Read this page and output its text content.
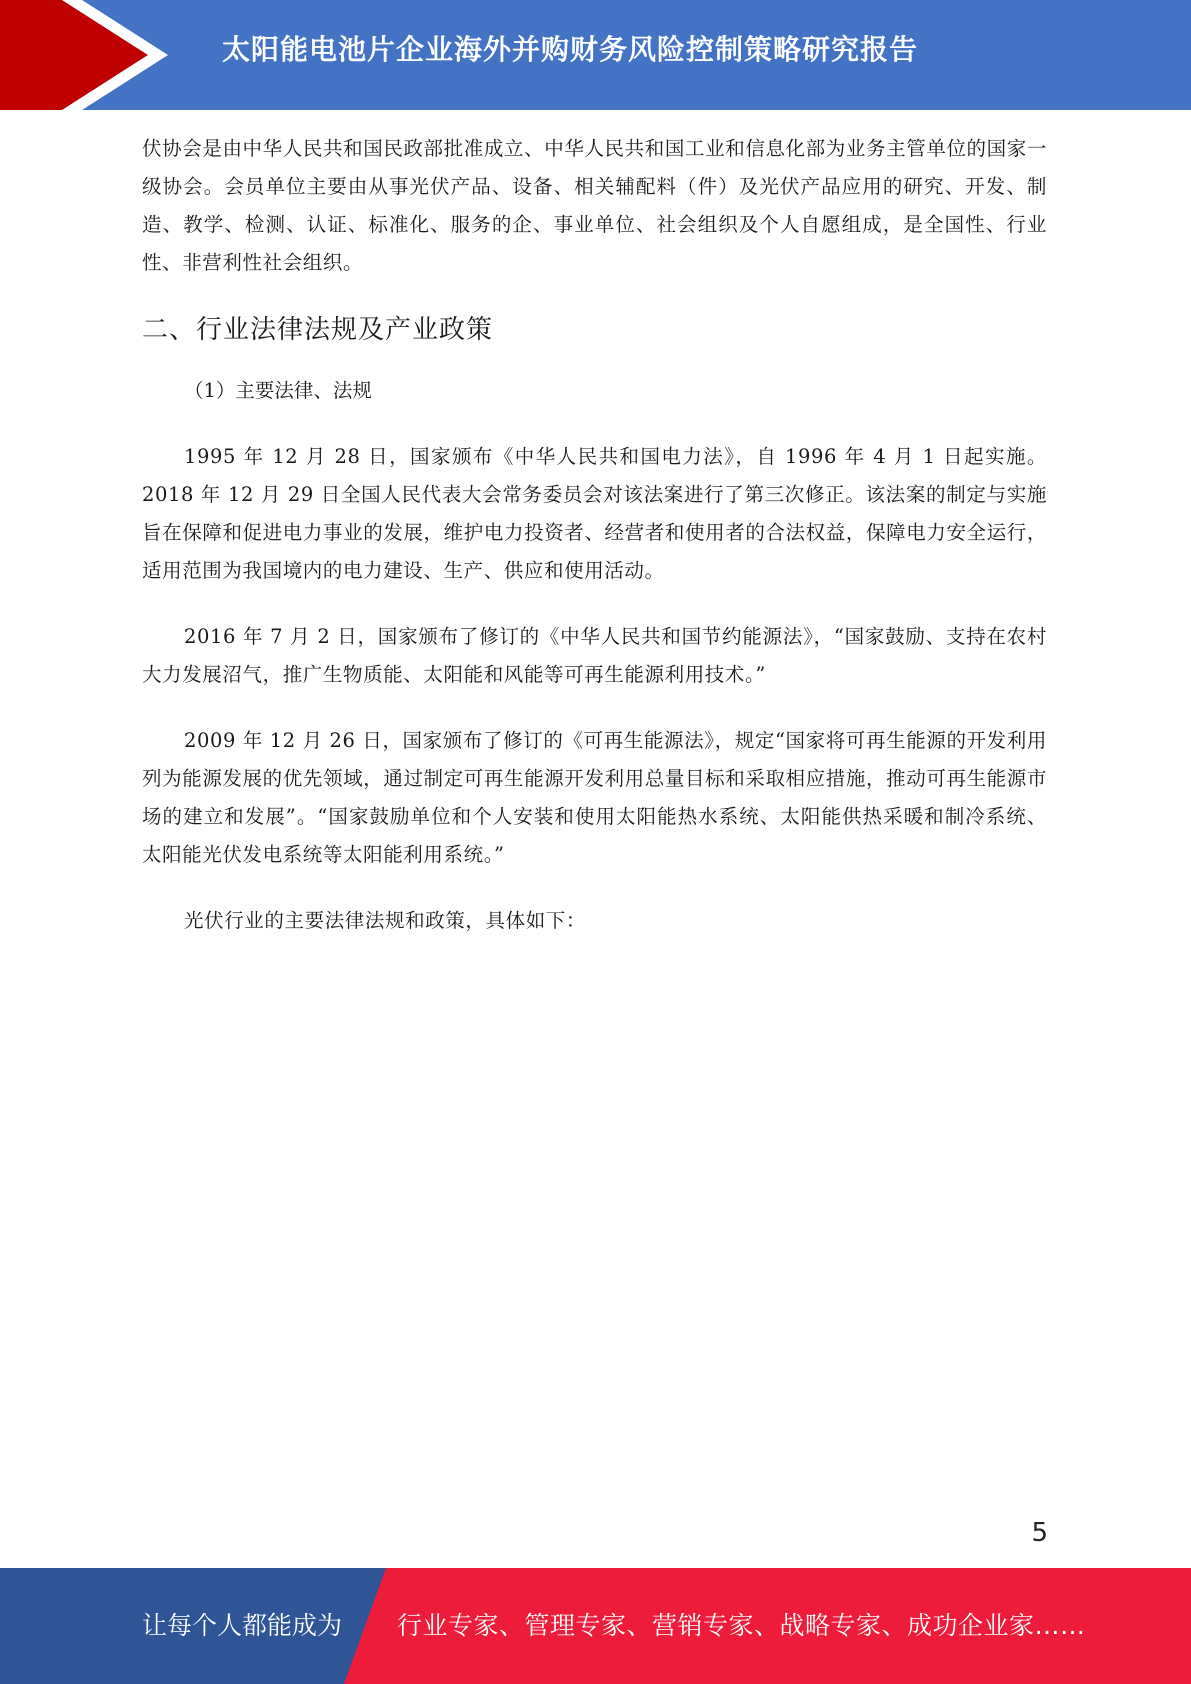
太阳能电池片企业海外并购财务风险控制策略研究报告

伏协会是由中华人民共和国民政部批准成立、中华人民共和国工业和信息化部为业务主管单位的国家一级协会。会员单位主要由从事光伏产品、设备、相关辅配料（件）及光伏产品应用的研究、开发、制造、教学、检测、认证、标准化、服务的企、事业单位、社会组织及个人自愿组成，是全国性、行业性、非营利性社会组织。

二、行业法律法规及产业政策
（1）主要法律、法规

1995 年 12 月 28 日，国家颁布《中华人民共和国电力法》，自 1996 年 4 月 1 日起实施。2018 年 12 月 29 日全国人民代表大会常务委员会对该法案进行了第三次修正。该法案的制定与实施旨在保障和促进电力事业的发展，维护电力投资者、经营者和使用者的合法权益，保障电力安全运行，适用范围为我国境内的电力建设、生产、供应和使用活动。

2016 年 7 月 2 日，国家颁布了修订的《中华人民共和国节约能源法》，“国家鼓励、支持在农村大力发展沼气，推广生物质能、太阳能和风能等可再生能源利用技术。”

2009 年 12 月 26 日，国家颁布了修订的《可再生能源法》，规定“国家将可再生能源的开发利用列为能源发展的优先领域，通过制定可再生能源开发利用总量目标和采取相应措施，推动可再生能源市场的建立和发展”。“国家鼓励单位和个人安装和使用太阳能热水系统、太阳能供热采暖和制冷系统、太阳能光伏发电系统等太阳能利用系统。”

光伏行业的主要法律法规和政策，具体如下：

5
让每个人都能成为 行业专家、管理专家、营销专家、战略专家、成功企业家……
